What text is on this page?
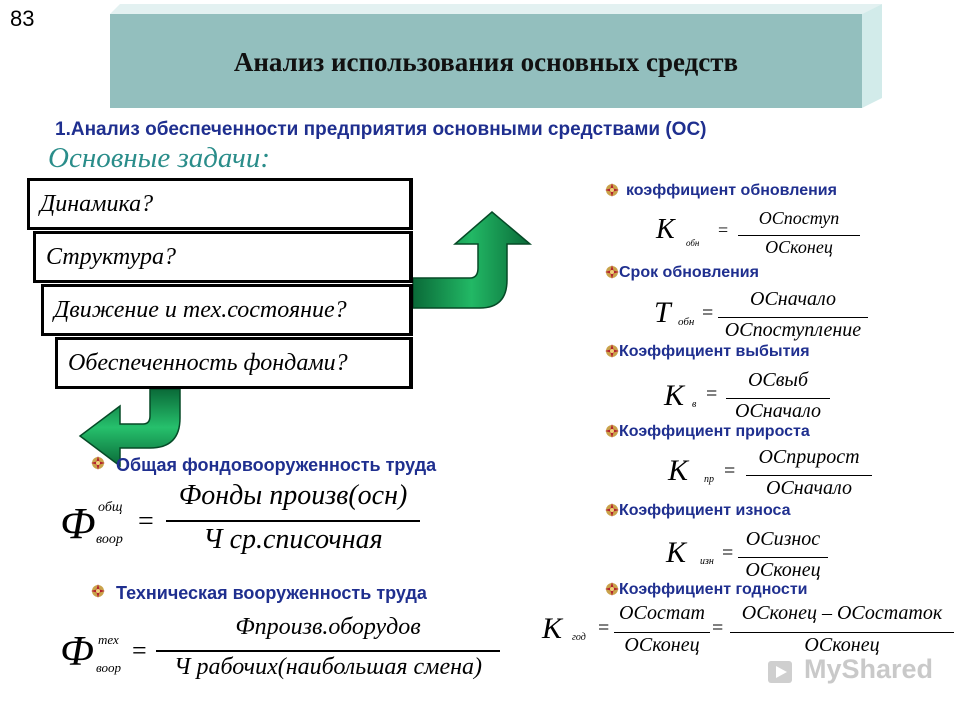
83
Анализ использования основных средств
1.Анализ обеспеченности предприятия основными средствами (ОС)
Основные задачи:
Динамика?
Структура?
Движение и тех.состояние?
Обеспеченность фондами?
коэффициент обновления
K обн
=
ОСпоступ
ОСконец
Срок обновления
T обн =
ОСначало
ОСпоступление
Коэффициент выбытия
K в =
ОСвыб
ОСначало
Коэффициент прироста
K пр =
ОСприрост
ОСначало
Коэффициент износа
K изн =
ОСизнос
ОСконец
Коэффициент годности
K год =
ОСостат
ОСконец
=
ОСконец – ОСостаток
ОСконец
Общая фондовооруженность труда
Ф общ
воор
=
Фонды произв(осн)
Ч ср.списочная
Техническая вооруженность труда
Ф тех
воор
=
Фпроизв.оборудов
Ч рабочих(наибольшая смена)	MyShared
